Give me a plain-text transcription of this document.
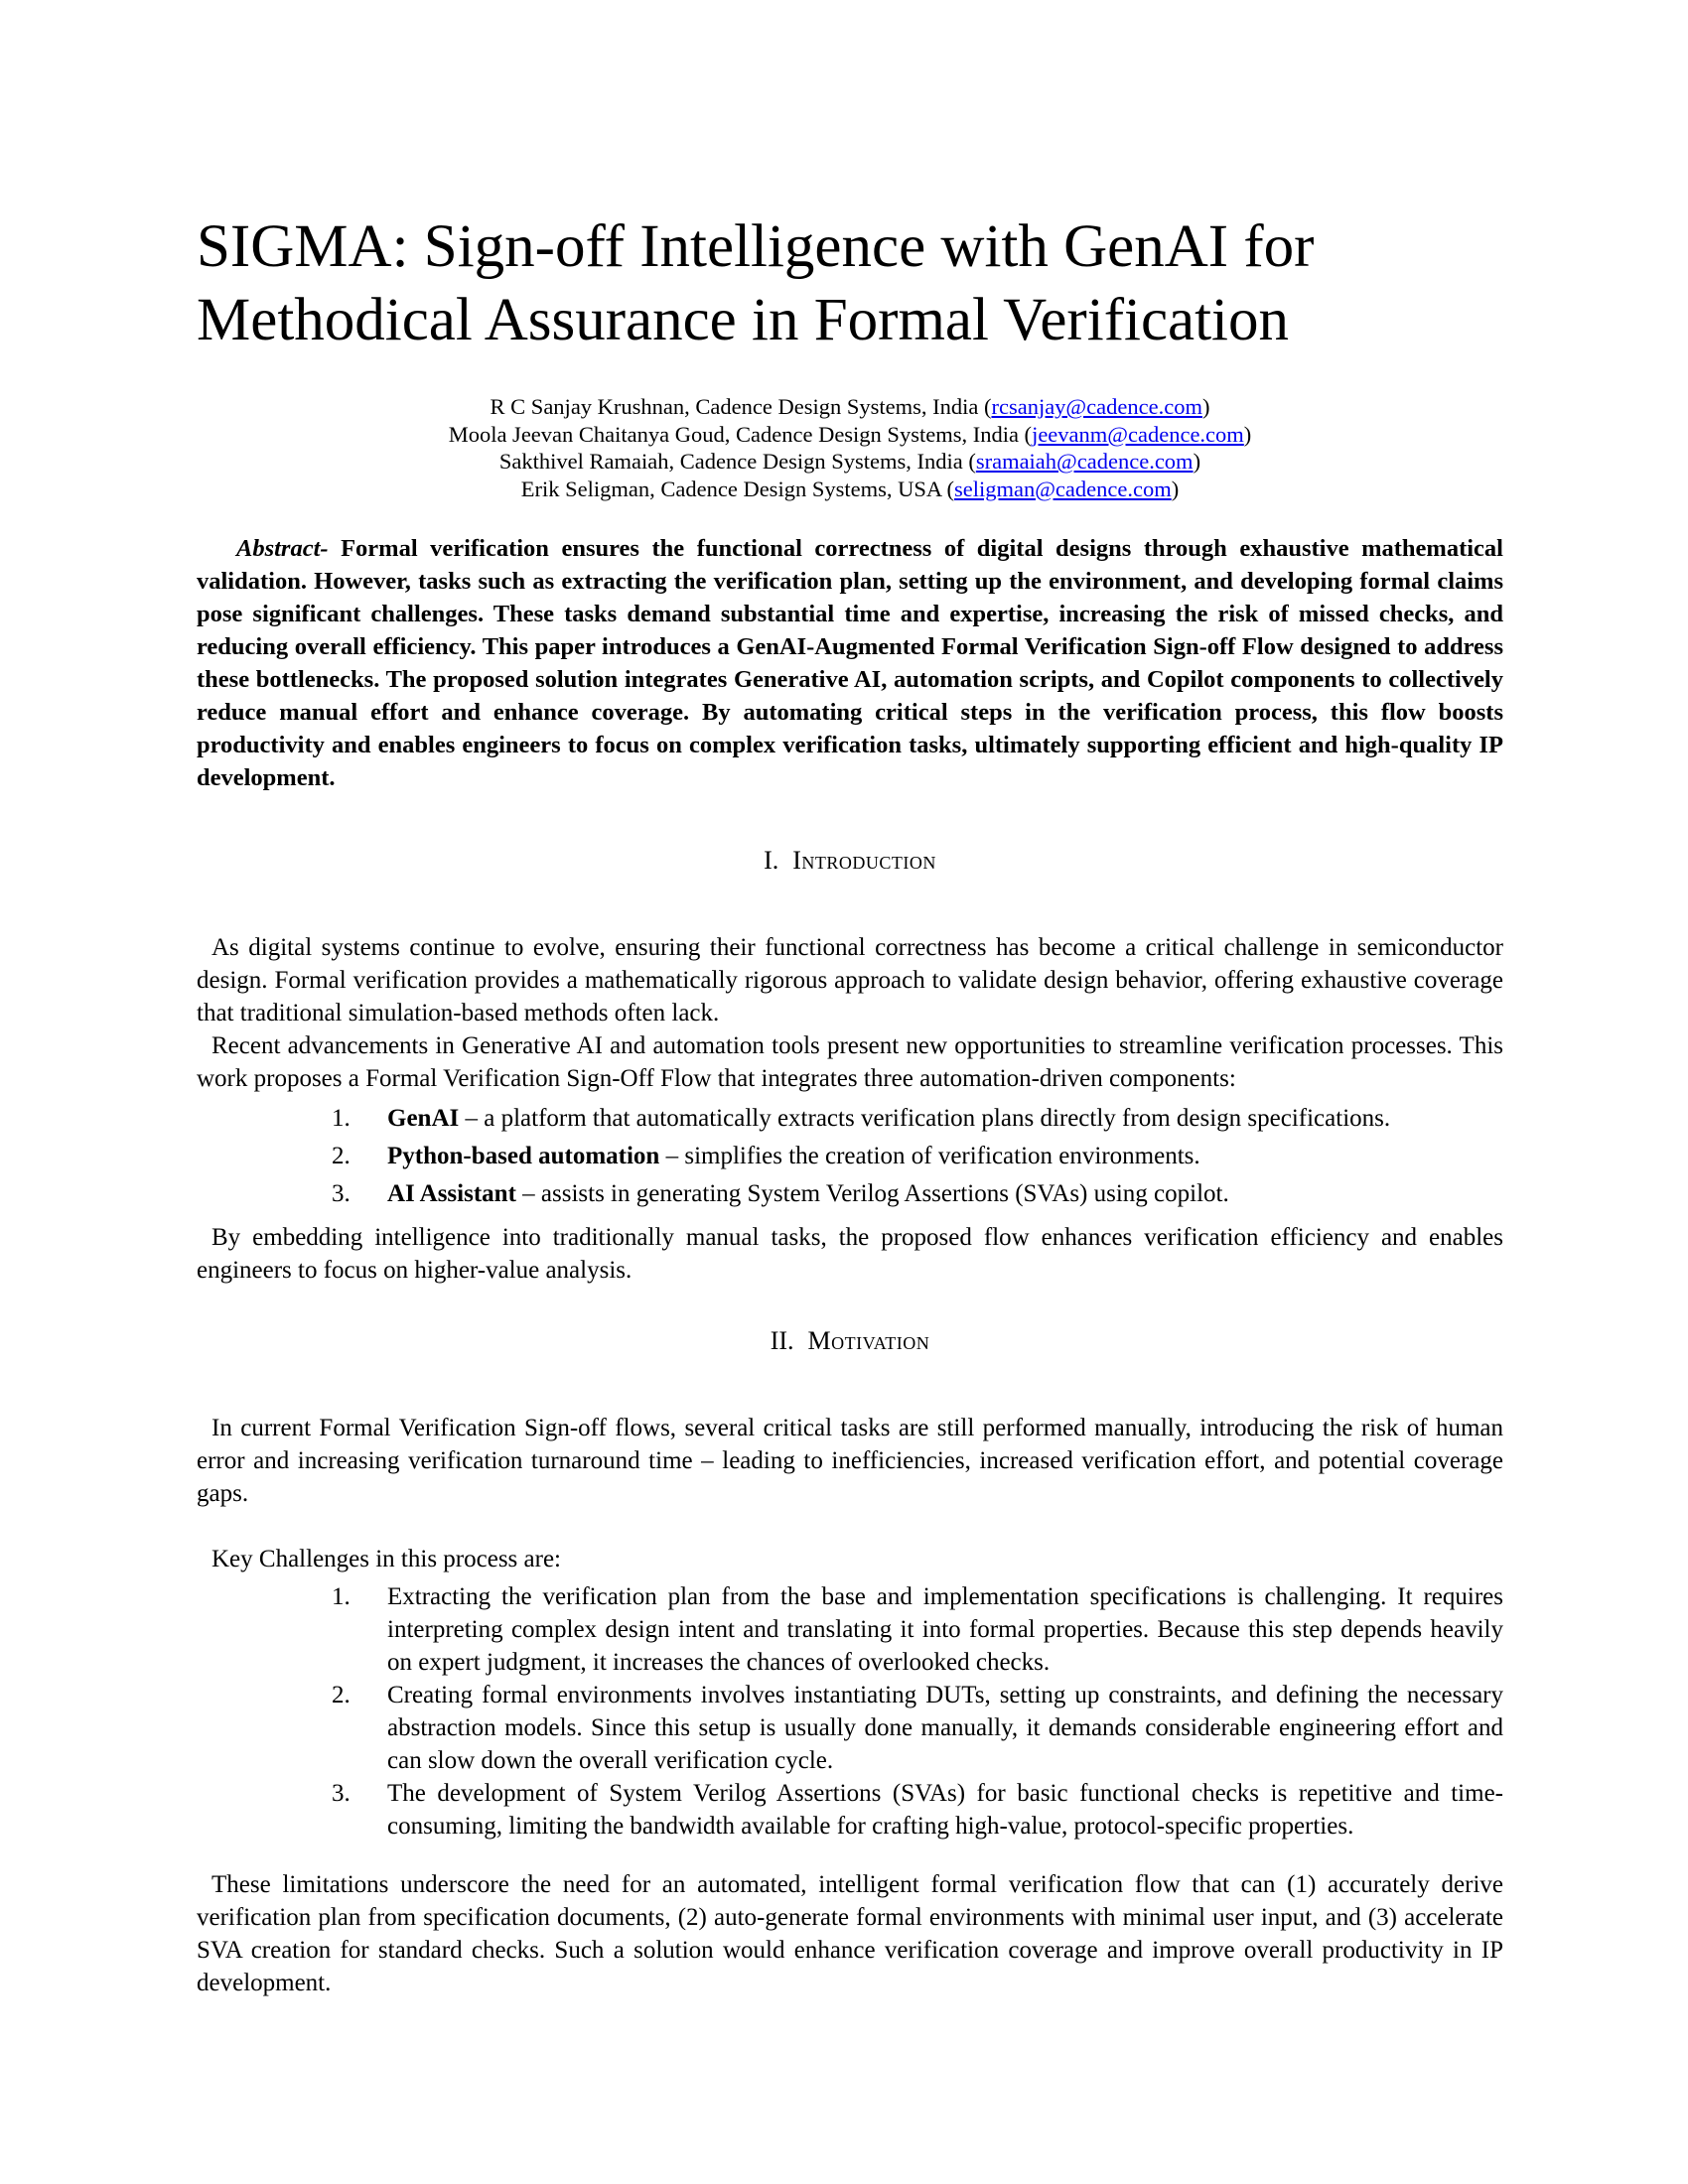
SIGMA: Sign-off Intelligence with GenAI for
Methodical Assurance in Formal Verification
R C Sanjay Krushnan, Cadence Design Systems, India (rcsanjay@cadence.com)
Moola Jeevan Chaitanya Goud, Cadence Design Systems, India (jeevanm@cadence.com)
Sakthivel Ramaiah, Cadence Design Systems, India (sramaiah@cadence.com)
Erik Seligman, Cadence Design Systems, USA (seligman@cadence.com)

Abstract- Formal verification ensures the functional correctness of digital designs through exhaustive mathematical validation. However, tasks such as extracting the verification plan, setting up the environment, and developing formal claims pose significant challenges. These tasks demand substantial time and expertise, increasing the risk of missed checks, and reducing overall efficiency. This paper introduces a GenAI-Augmented Formal Verification Sign-off Flow designed to address these bottlenecks. The proposed solution integrates Generative AI, automation scripts, and Copilot components to collectively reduce manual effort and enhance coverage. By automating critical steps in the verification process, this flow boosts productivity and enables engineers to focus on complex verification tasks, ultimately supporting efficient and high-quality IP development.

I. Introduction

As digital systems continue to evolve, ensuring their functional correctness has become a critical challenge in semiconductor design. Formal verification provides a mathematically rigorous approach to validate design behavior, offering exhaustive coverage that traditional simulation-based methods often lack.

Recent advancements in Generative AI and automation tools present new opportunities to streamline verification processes. This work proposes a Formal Verification Sign-Off Flow that integrates three automation-driven components:

1.	GenAI – a platform that automatically extracts verification plans directly from design specifications.
2.	Python-based automation – simplifies the creation of verification environments.
3.	AI Assistant – assists in generating System Verilog Assertions (SVAs) using copilot.

By embedding intelligence into traditionally manual tasks, the proposed flow enhances verification efficiency and enables engineers to focus on higher-value analysis.

II. Motivation

In current Formal Verification Sign-off flows, several critical tasks are still performed manually, introducing the risk of human error and increasing verification turnaround time – leading to inefficiencies, increased verification effort, and potential coverage gaps.

Key Challenges in this process are:

1.	Extracting the verification plan from the base and implementation specifications is challenging. It requires interpreting complex design intent and translating it into formal properties. Because this step depends heavily on expert judgment, it increases the chances of overlooked checks.
2.	Creating formal environments involves instantiating DUTs, setting up constraints, and defining the necessary abstraction models. Since this setup is usually done manually, it demands considerable engineering effort and can slow down the overall verification cycle.
3.	The development of System Verilog Assertions (SVAs) for basic functional checks is repetitive and time-consuming, limiting the bandwidth available for crafting high-value, protocol-specific properties.

These limitations underscore the need for an automated, intelligent formal verification flow that can (1) accurately derive verification plan from specification documents, (2) auto-generate formal environments with minimal user input, and (3) accelerate SVA creation for standard checks. Such a solution would enhance verification coverage and improve overall productivity in IP development.
